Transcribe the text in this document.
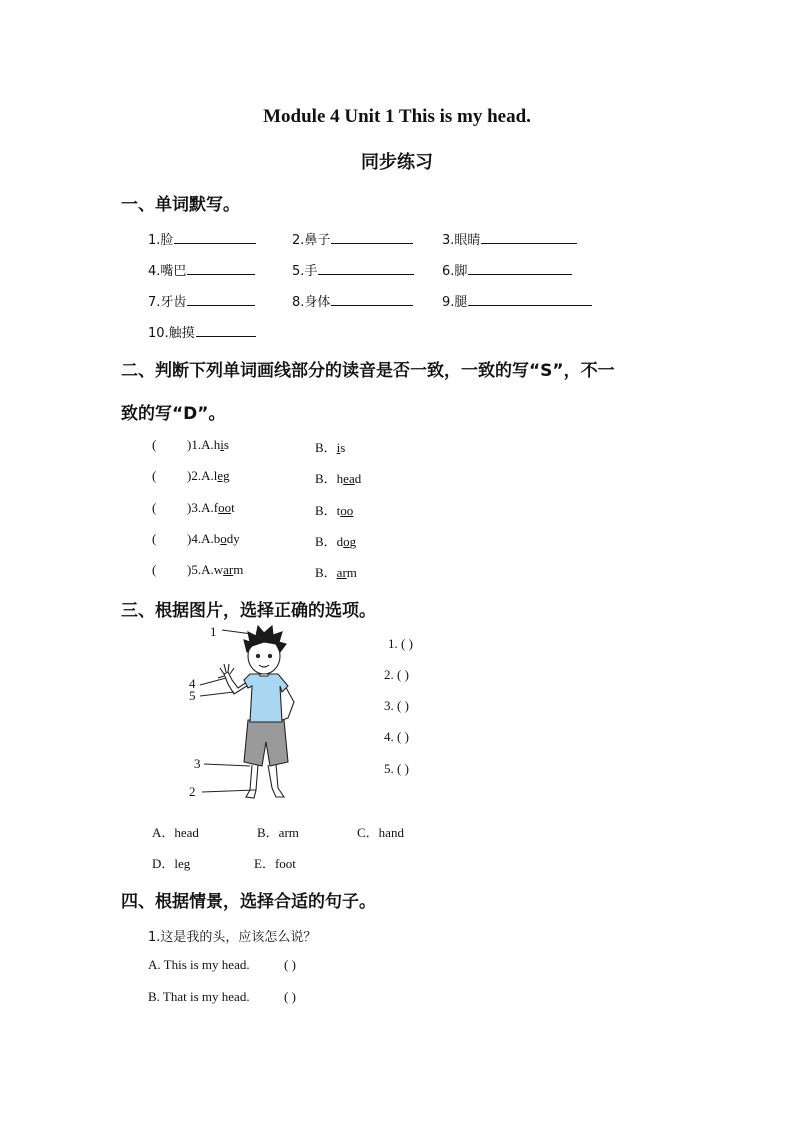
Module 4 Unit 1 This is my head.
同步练习
一、单词默写。
1.脸	2.鼻子	3.眼睛
4.嘴巴	5.手	6.脚
7.牙齿	8.身体	9.腿
10.触摸
二、判断下列单词画线部分的读音是否一致，一致的写“S”，不一
致的写“D”。
( )1.A.his	B．is
( )2.A.leg	B．head
( )3.A.foot	B．too
( )4.A.body	B．dog
( )5.A.warm	B．arm
三、根据图片，选择正确的选项。
1
2
3
4
5
1. ( )
2. ( )
3. ( )
4. ( )
5. ( )
A．head	B．arm	C．hand
D．leg	E．foot
四、根据情景，选择合适的句子。
1.这是我的头，应该怎么说？
A. This is my head.	( )
B. That is my head.	( )
